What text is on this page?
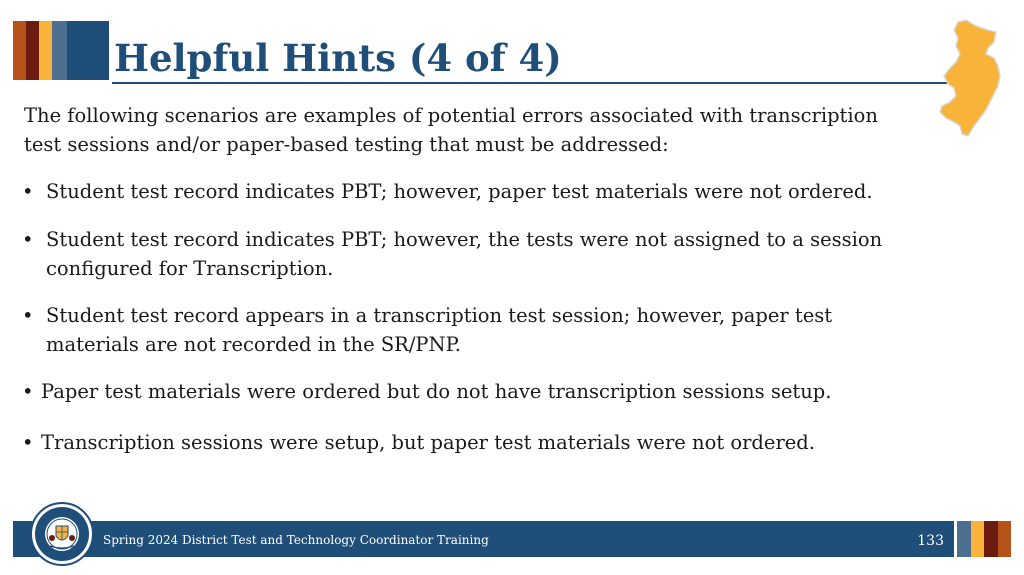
Helpful Hints (4 of 4)

The following scenarios are examples of potential errors associated with transcription test sessions and/or paper-based testing that must be addressed:

• Student test record indicates PBT; however, paper test materials were not ordered.
• Student test record indicates PBT; however, the tests were not assigned to a session configured for Transcription.
• Student test record appears in a transcription test session; however, paper test materials are not recorded in the SR/PNP.
• Paper test materials were ordered but do not have transcription sessions setup.
• Transcription sessions were setup, but paper test materials were not ordered.
Spring 2024 District Test and Technology Coordinator Training	133
